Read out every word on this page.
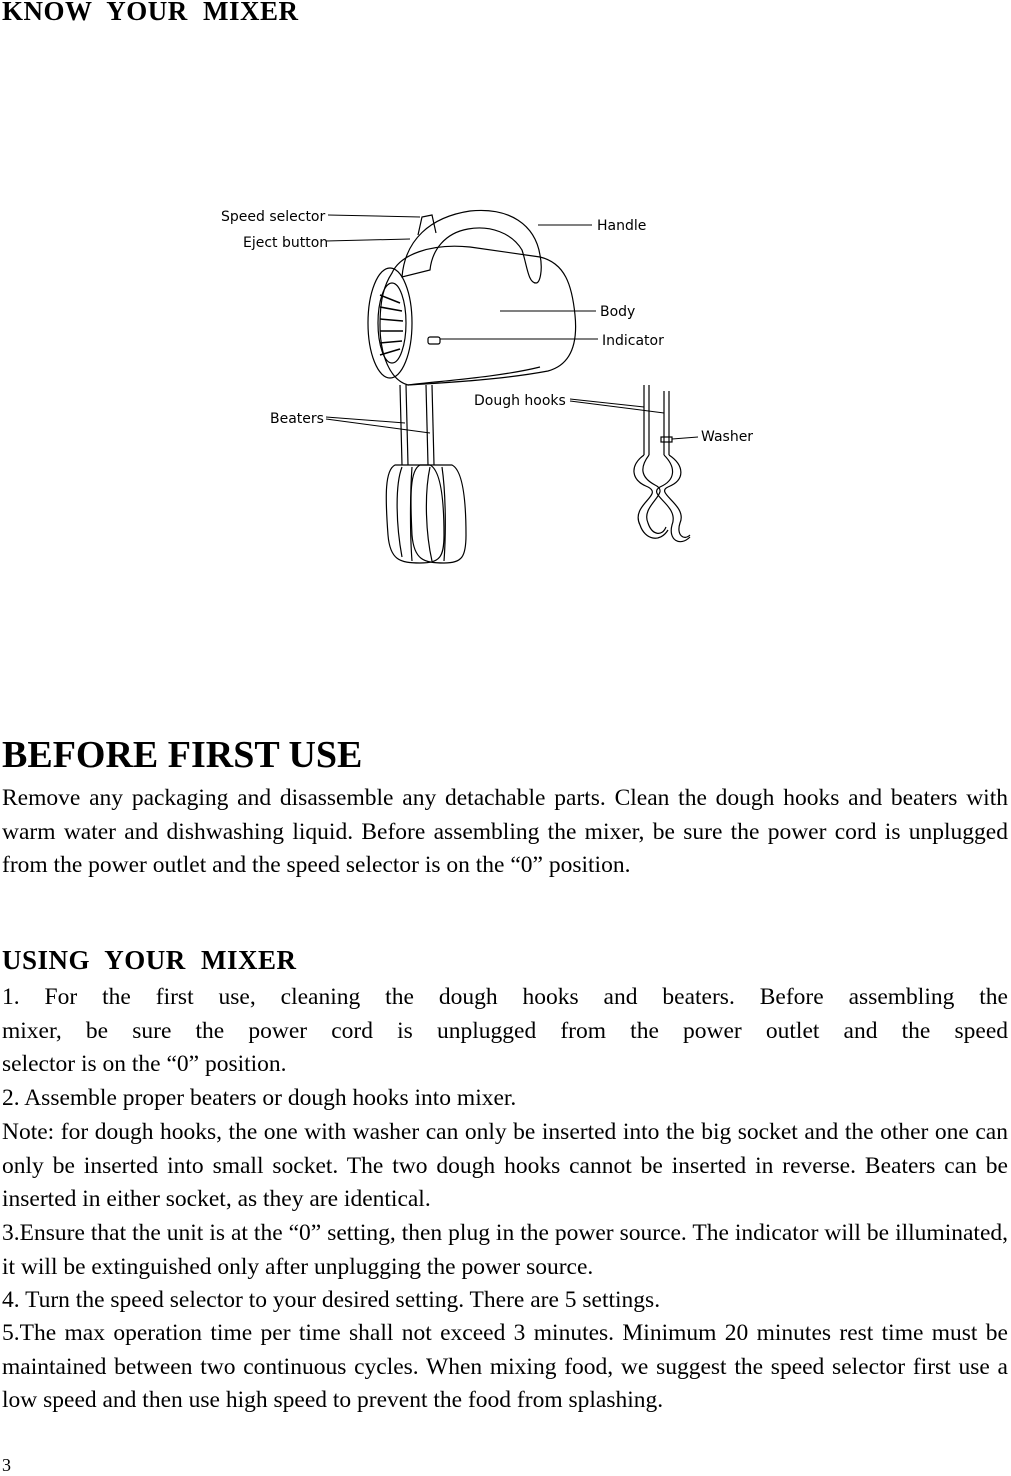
KNOW YOUR MIXER
Speed selector
Eject button
Handle
Body
Indicator
Beaters
Dough hooks
Washer
BEFORE FIRST USE

Remove any packaging and disassemble any detachable parts. Clean the dough hooks and beaters with warm water and dishwashing liquid. Before assembling the mixer, be sure the power cord is unplugged from the power outlet and the speed selector is on the “0” position.

USING YOUR MIXER

1. For the first use, cleaning the dough hooks and beaters. Before assembling the

mixer, be sure the power cord is unplugged from the power outlet and the speed

selector is on the “0” position.

2. Assemble proper beaters or dough hooks into mixer.

Note: for dough hooks, the one with washer can only be inserted into the big socket and the other one can only be inserted into small socket. The two dough hooks cannot be inserted in reverse. Beaters can be inserted in either socket, as they are identical.

3.Ensure that the unit is at the “0” setting, then plug in the power source. The indicator will be illuminated, it will be extinguished only after unplugging the power source.

4. Turn the speed selector to your desired setting. There are 5 settings.

5.The max operation time per time shall not exceed 3 minutes. Minimum 20 minutes rest time must be maintained between two continuous cycles. When mixing food, we suggest the speed selector first use a low speed and then use high speed to prevent the food from splashing.

3
